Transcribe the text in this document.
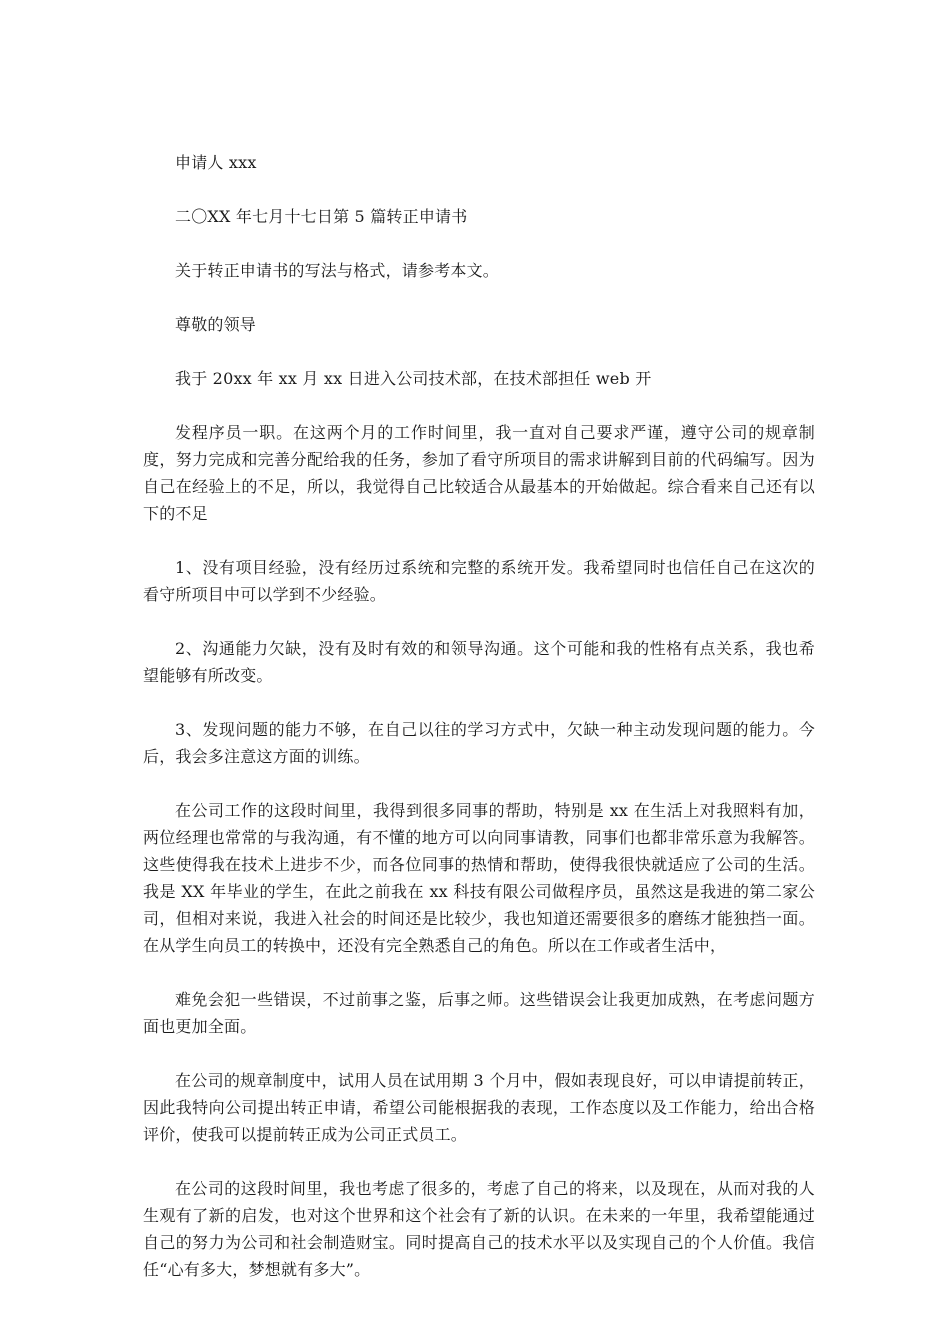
申请人 xxx

二〇XX 年七月十七日第 5 篇转正申请书

关于转正申请书的写法与格式，请参考本文。

尊敬的领导

我于 20xx 年 xx 月 xx 日进入公司技术部，在技术部担任 web 开

发程序员一职。在这两个月的工作时间里，我一直对自己要求严谨，遵守公司的规章制度，努力完成和完善分配给我的任务，参加了看守所项目的需求讲解到目前的代码编写。因为自己在经验上的不足，所以，我觉得自己比较适合从最基本的开始做起。综合看来自己还有以下的不足

1、没有项目经验，没有经历过系统和完整的系统开发。我希望同时也信任自己在这次的看守所项目中可以学到不少经验。

2、沟通能力欠缺，没有及时有效的和领导沟通。这个可能和我的性格有点关系，我也希望能够有所改变。

3、发现问题的能力不够，在自己以往的学习方式中，欠缺一种主动发现问题的能力。今后，我会多注意这方面的训练。

在公司工作的这段时间里，我得到很多同事的帮助，特别是 xx 在生活上对我照料有加，两位经理也常常的与我沟通，有不懂的地方可以向同事请教，同事们也都非常乐意为我解答。这些使得我在技术上进步不少，而各位同事的热情和帮助，使得我很快就适应了公司的生活。我是 XX 年毕业的学生，在此之前我在 xx 科技有限公司做程序员，虽然这是我进的第二家公司，但相对来说，我进入社会的时间还是比较少，我也知道还需要很多的磨练才能独挡一面。在从学生向员工的转换中，还没有完全熟悉自己的角色。所以在工作或者生活中，

难免会犯一些错误，不过前事之鉴，后事之师。这些错误会让我更加成熟，在考虑问题方面也更加全面。

在公司的规章制度中，试用人员在试用期 3 个月中，假如表现良好，可以申请提前转正，因此我特向公司提出转正申请，希望公司能根据我的表现，工作态度以及工作能力，给出合格评价，使我可以提前转正成为公司正式员工。

在公司的这段时间里，我也考虑了很多的，考虑了自己的将来，以及现在，从而对我的人生观有了新的启发，也对这个世界和这个社会有了新的认识。在未来的一年里，我希望能通过自己的努力为公司和社会制造财宝。同时提高自己的技术水平以及实现自己的个人价值。我信任“心有多大，梦想就有多大”。
